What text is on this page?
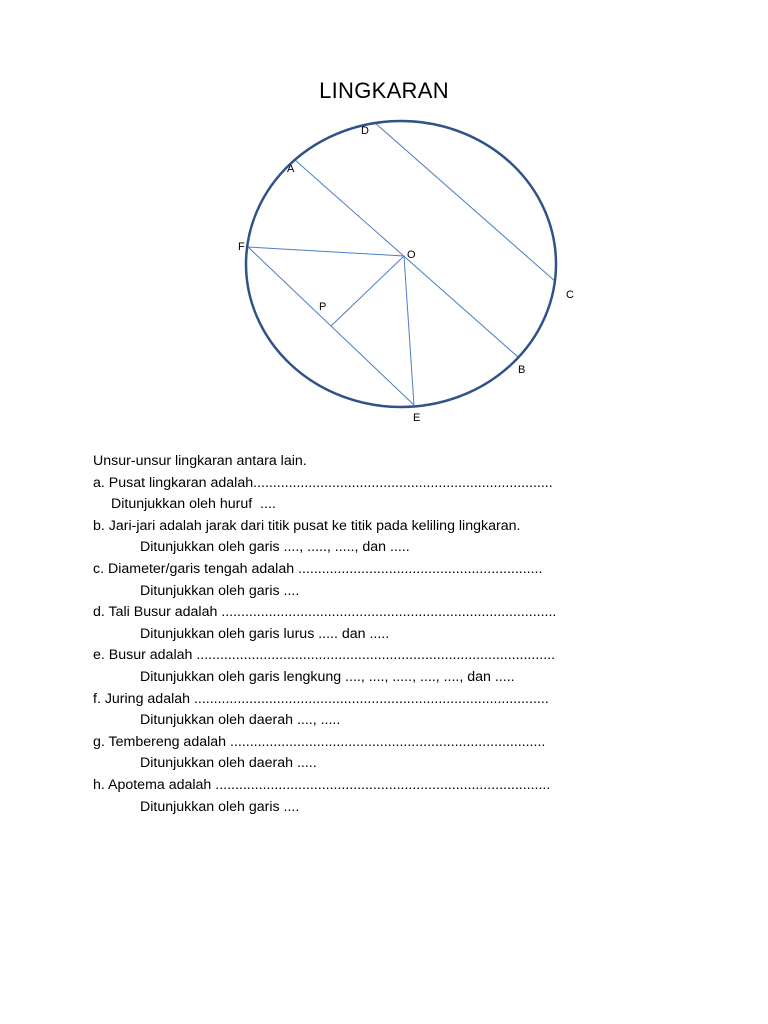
LINGKARAN
D
A
F
O
C
P
B
E
Unsur-unsur lingkaran antara lain.
a. Pusat lingkaran adalah............................................................................
Ditunjukkan oleh huruf  ....
b. Jari-jari adalah jarak dari titik pusat ke titik pada keliling lingkaran.
Ditunjukkan oleh garis ...., ....., ....., dan .....
c. Diameter/garis tengah adalah ..............................................................
Ditunjukkan oleh garis ....
d. Tali Busur adalah .....................................................................................
Ditunjukkan oleh garis lurus ..... dan .....
e. Busur adalah ...........................................................................................
Ditunjukkan oleh garis lengkung ...., ...., ....., ...., ...., dan .....
f. Juring adalah ..........................................................................................
Ditunjukkan oleh daerah ...., .....
g. Tembereng adalah ................................................................................
Ditunjukkan oleh daerah .....
h. Apotema adalah .....................................................................................
Ditunjukkan oleh garis ....
